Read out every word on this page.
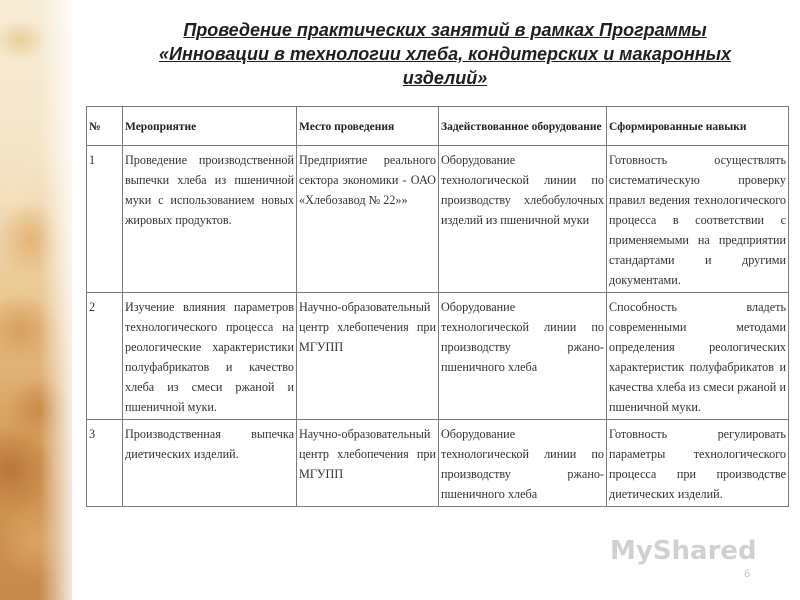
Проведение практических занятий в рамках Программы
«Инновации в технологии хлеба, кондитерских и макаронных
изделий»
№	Мероприятие	Место проведения	Задействованное оборудование	Сформированные навыки
1	Проведение производственной выпечки хлеба из пшеничной муки с использованием новых жировых продуктов.	Предприятие реального сектора экономики - ОАО «Хлебозавод № 22»»	Оборудование технологической линии по производству хлебобулочных изделий из пшеничной муки	Готовность осуществлять систематическую проверку правил ведения технологического процесса в соответствии с применяемыми на предприятии стандартами и другими документами.
2	Изучение влияния параметров технологического процесса на реологические характеристики полуфабрикатов и качество хлеба из смеси ржаной и пшеничной муки.	Научно-образовательный центр хлебопечения при МГУПП	Оборудование технологической линии по производству ржано-пшеничного хлеба	Способность владеть современными методами определения реологических характеристик полуфабрикатов и качества хлеба из смеси ржаной и пшеничной муки.
3	Производственная выпечка диетических изделий.	Научно-образовательный центр хлебопечения при МГУПП	Оборудование технологической линии по производству ржано-пшеничного хлеба	Готовность регулировать параметры технологического процесса при производстве диетических изделий.
MyShared
6
